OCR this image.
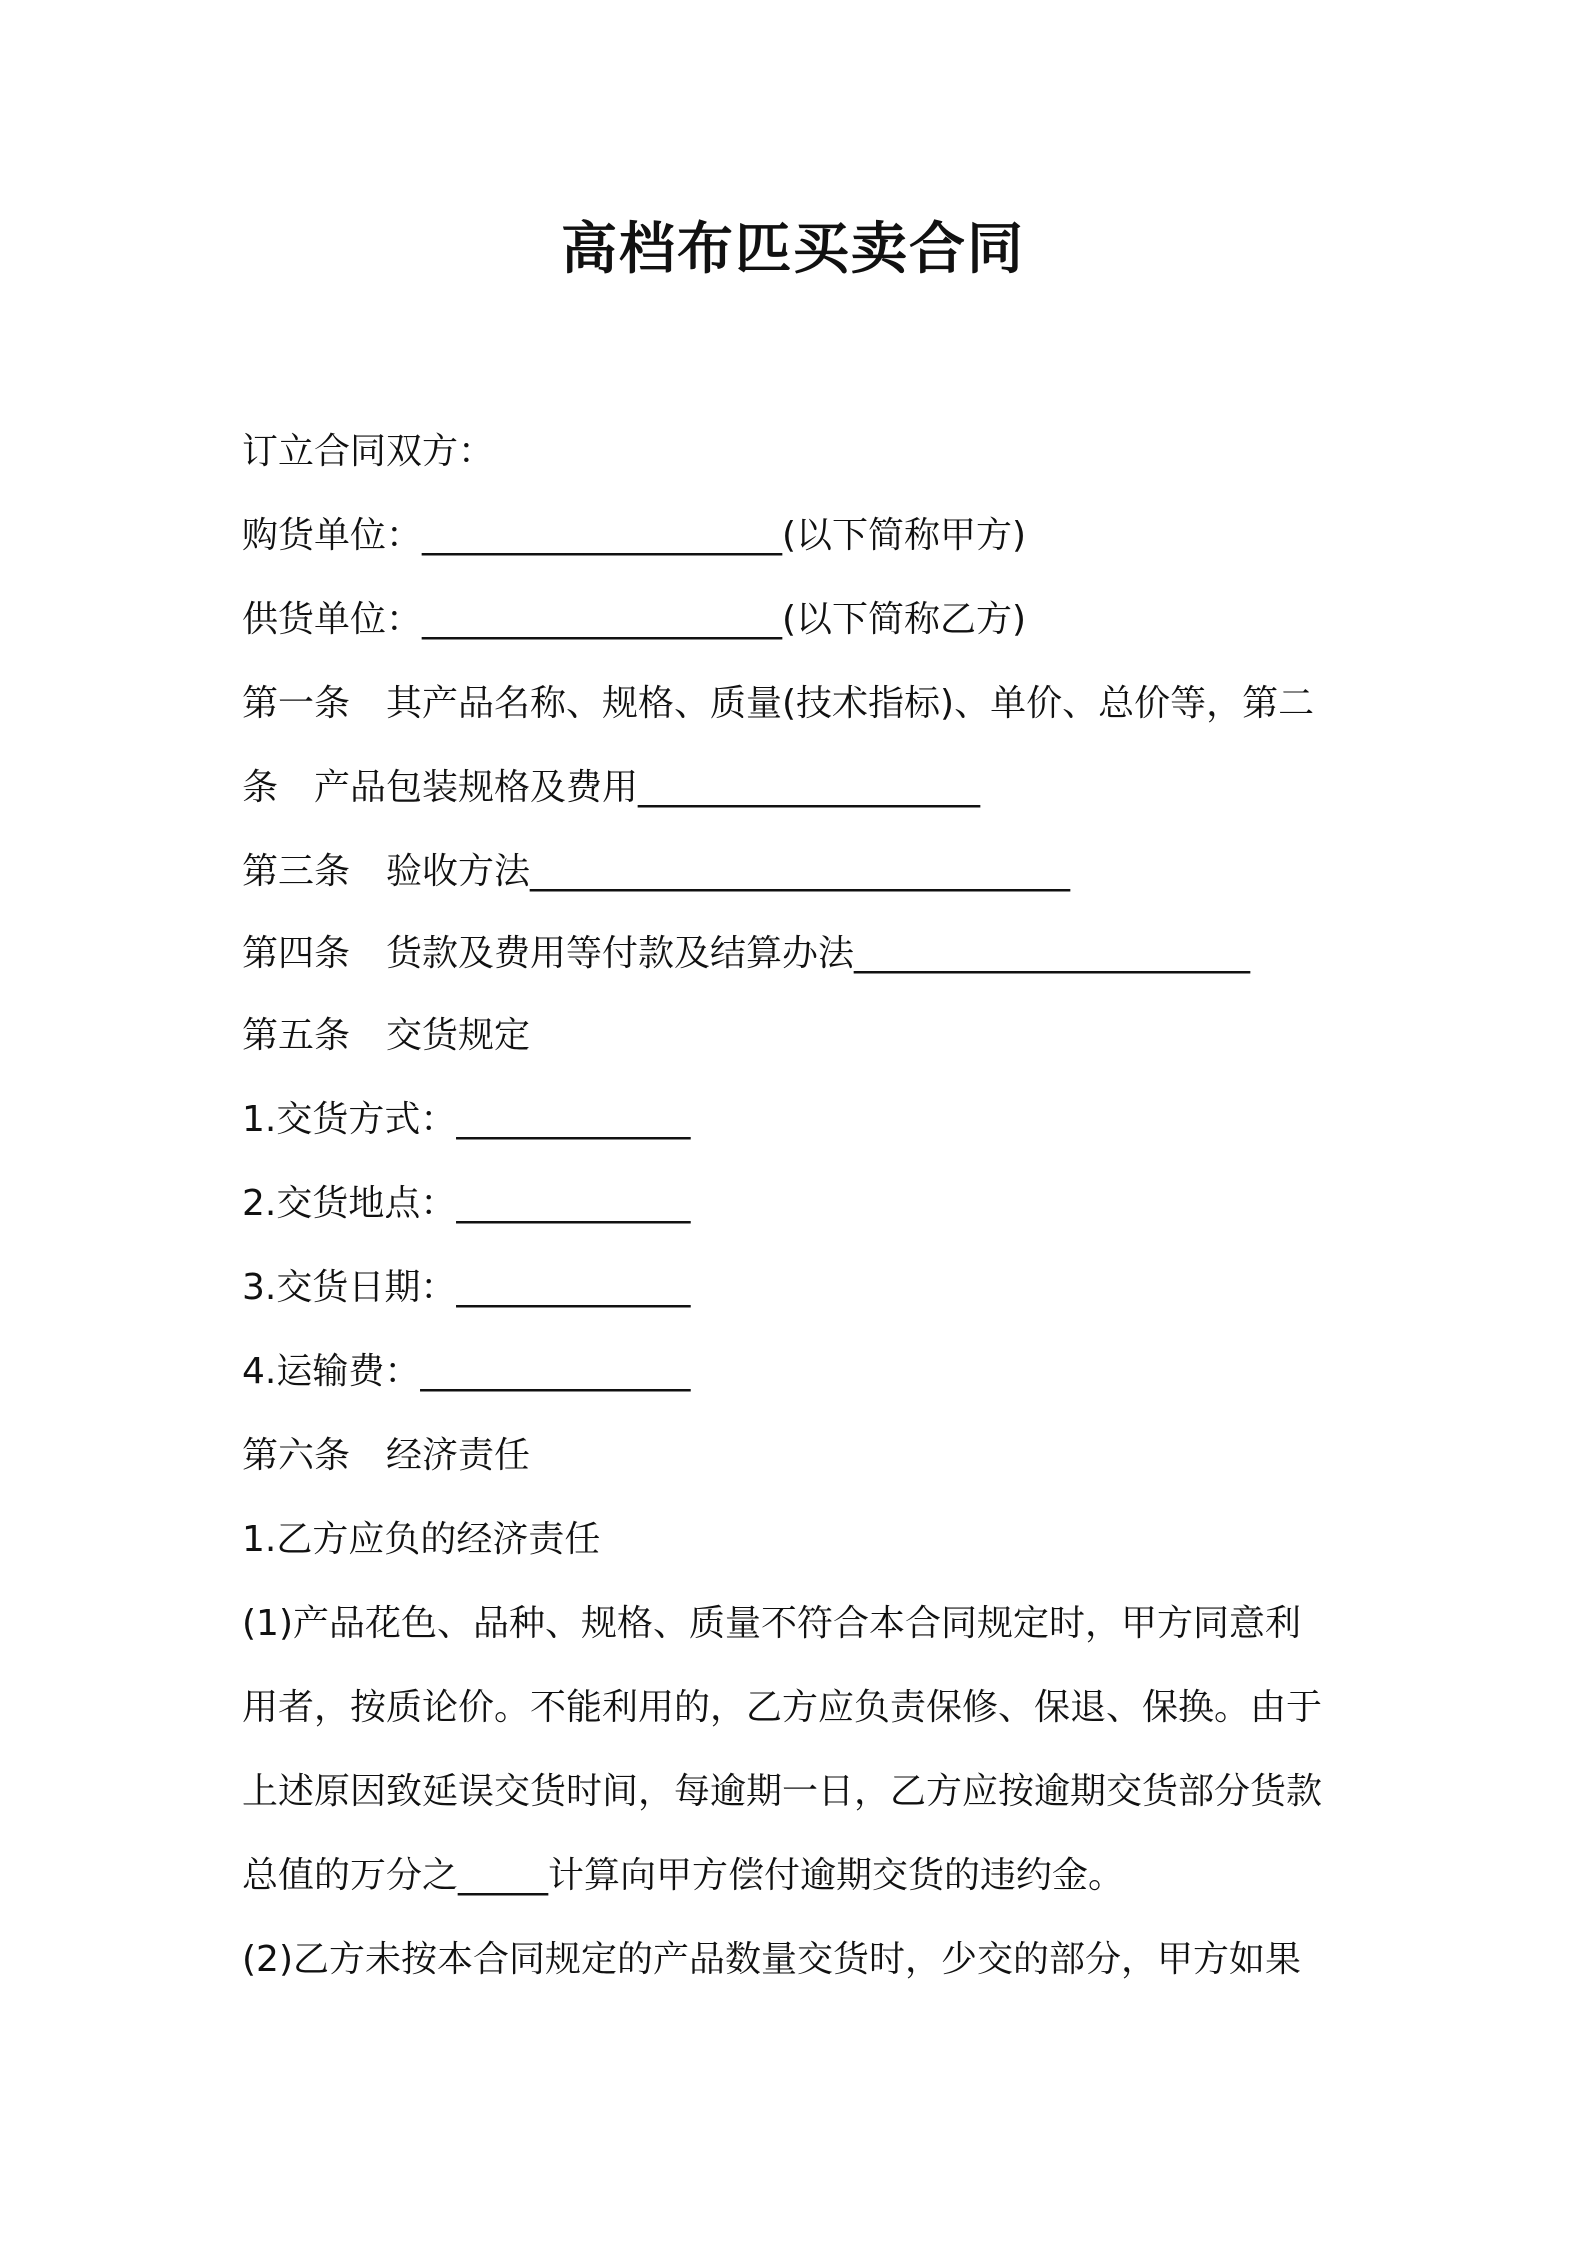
高档布匹买卖合同
订立合同双方：
购货单位：____________________(以下简称甲方)
供货单位：____________________(以下简称乙方)
第一条　其产品名称、规格、质量(技术指标)、单价、总价等，第二
条　产品包装规格及费用___________________
第三条　验收方法______________________________
第四条　货款及费用等付款及结算办法______________________
第五条　交货规定
1.交货方式：_____________
2.交货地点：_____________
3.交货日期：_____________
4.运输费：_______________
第六条　经济责任
1.乙方应负的经济责任
(1)产品花色、品种、规格、质量不符合本合同规定时，甲方同意利
用者，按质论价。不能利用的，乙方应负责保修、保退、保换。由于
上述原因致延误交货时间，每逾期一日，乙方应按逾期交货部分货款
总值的万分之_____计算向甲方偿付逾期交货的违约金。
(2)乙方未按本合同规定的产品数量交货时，少交的部分，甲方如果
